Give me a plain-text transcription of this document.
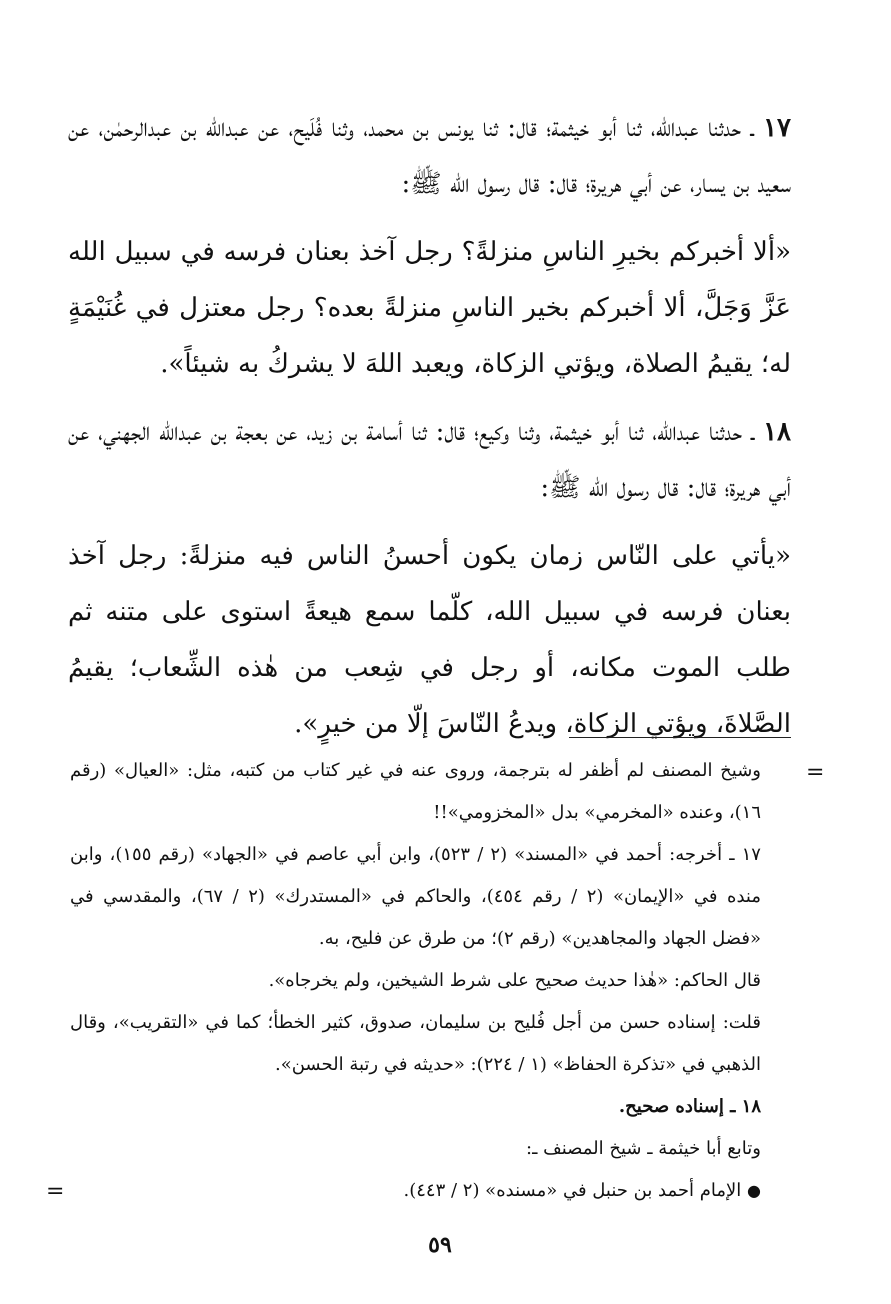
١٧ ـ حدثنا عبدالله، ثنا أبو خيثمة؛ قال: ثنا يونس بن محمد، وثنا فُلَيح، عن عبدالله بن عبدالرحمٰن، عن سعيد بن يسار، عن أبي هريرة؛ قال: قال رسول الله ﷺ:

«ألا أخبركم بخيرِ الناسِ منزلةً؟ رجل آخذ بعنان فرسه في سبيل الله عَزَّ وَجَلَّ، ألا أخبركم بخير الناسِ منزلةً بعده؟ رجل معتزل في غُنَيْمَةٍ له؛ يقيمُ الصلاة، ويؤتي الزكاة، ويعبد اللهَ لا يشركُ به شيئاً».

١٨ ـ حدثنا عبدالله، ثنا أبو خيثمة، وثنا وكيع؛ قال: ثنا أسامة بن زيد، عن بعجة بن عبدالله الجهني، عن أبي هريرة؛ قال: قال رسول الله ﷺ:

«يأتي على النّاس زمان يكون أحسنُ الناس فيه منزلةً: رجل آخذ بعنان فرسه في سبيل الله، كلّما سمع هيعةً استوى على متنه ثم طلب الموت مكانه، أو رجل في شِعب من هٰذه الشِّعاب؛ يقيمُ الصَّلاةَ، ويؤتي الزكاة، ويدعُ النّاسَ إلّا من خيرٍ».

=

وشيخ المصنف لم أظفر له بترجمة، وروى عنه في غير كتاب من كتبه، مثل: «العيال» (رقم ١٦)، وعنده «المخرمي» بدل «المخزومي»!!

١٧ ـ أخرجه: أحمد في «المسند» (٢ / ٥٢٣)، وابن أبي عاصم في «الجهاد» (رقم ١٥٥)، وابن منده في «الإيمان» (٢ / رقم ٤٥٤)، والحاكم في «المستدرك» (٢ / ٦٧)، والمقدسي في «فضل الجهاد والمجاهدين» (رقم ٢)؛ من طرق عن فليح، به.

قال الحاكم: «هٰذا حديث صحيح على شرط الشيخين، ولم يخرجاه».

قلت: إسناده حسن من أجل فُليح بن سليمان، صدوق، كثير الخطأ؛ كما في «التقريب»، وقال الذهبي في «تذكرة الحفاظ» (١ / ٢٢٤): «حديثه في رتبة الحسن».

١٨ ـ إسناده صحيح.

وتابع أبا خيثمة ـ شيخ المصنف ـ:

● الإمام أحمد بن حنبل في «مسنده» (٢ / ٤٤٣).

=
٥٩
